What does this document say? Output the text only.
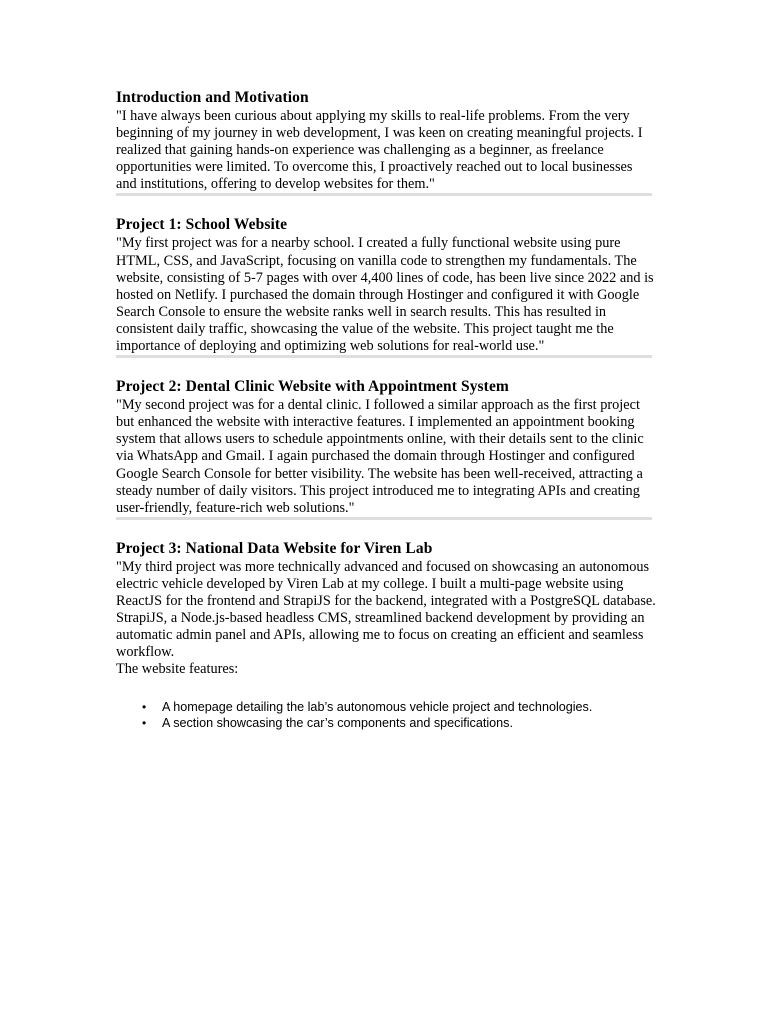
Introduction and Motivation

"I have always been curious about applying my skills to real-life problems. From the very beginning of my journey in web development, I was keen on creating meaningful projects. I realized that gaining hands-on experience was challenging as a beginner, as freelance opportunities were limited. To overcome this, I proactively reached out to local businesses and institutions, offering to develop websites for them."

Project 1: School Website

"My first project was for a nearby school. I created a fully functional website using pure HTML, CSS, and JavaScript, focusing on vanilla code to strengthen my fundamentals. The website, consisting of 5-7 pages with over 4,400 lines of code, has been live since 2022 and is hosted on Netlify. I purchased the domain through Hostinger and configured it with Google Search Console to ensure the website ranks well in search results. This has resulted in consistent daily traffic, showcasing the value of the website. This project taught me the importance of deploying and optimizing web solutions for real-world use."

Project 2: Dental Clinic Website with Appointment System

"My second project was for a dental clinic. I followed a similar approach as the first project but enhanced the website with interactive features. I implemented an appointment booking system that allows users to schedule appointments online, with their details sent to the clinic via WhatsApp and Gmail. I again purchased the domain through Hostinger and configured Google Search Console for better visibility. The website has been well-received, attracting a steady number of daily visitors. This project introduced me to integrating APIs and creating user-friendly, feature-rich web solutions."

Project 3: National Data Website for Viren Lab

"My third project was more technically advanced and focused on showcasing an autonomous electric vehicle developed by Viren Lab at my college. I built a multi-page website using ReactJS for the frontend and StrapiJS for the backend, integrated with a PostgreSQL database. StrapiJS, a Node.js-based headless CMS, streamlined backend development by providing an automatic admin panel and APIs, allowing me to focus on creating an efficient and seamless workflow.

The website features:

• A homepage detailing the lab’s autonomous vehicle project and technologies.
• A section showcasing the car’s components and specifications.
